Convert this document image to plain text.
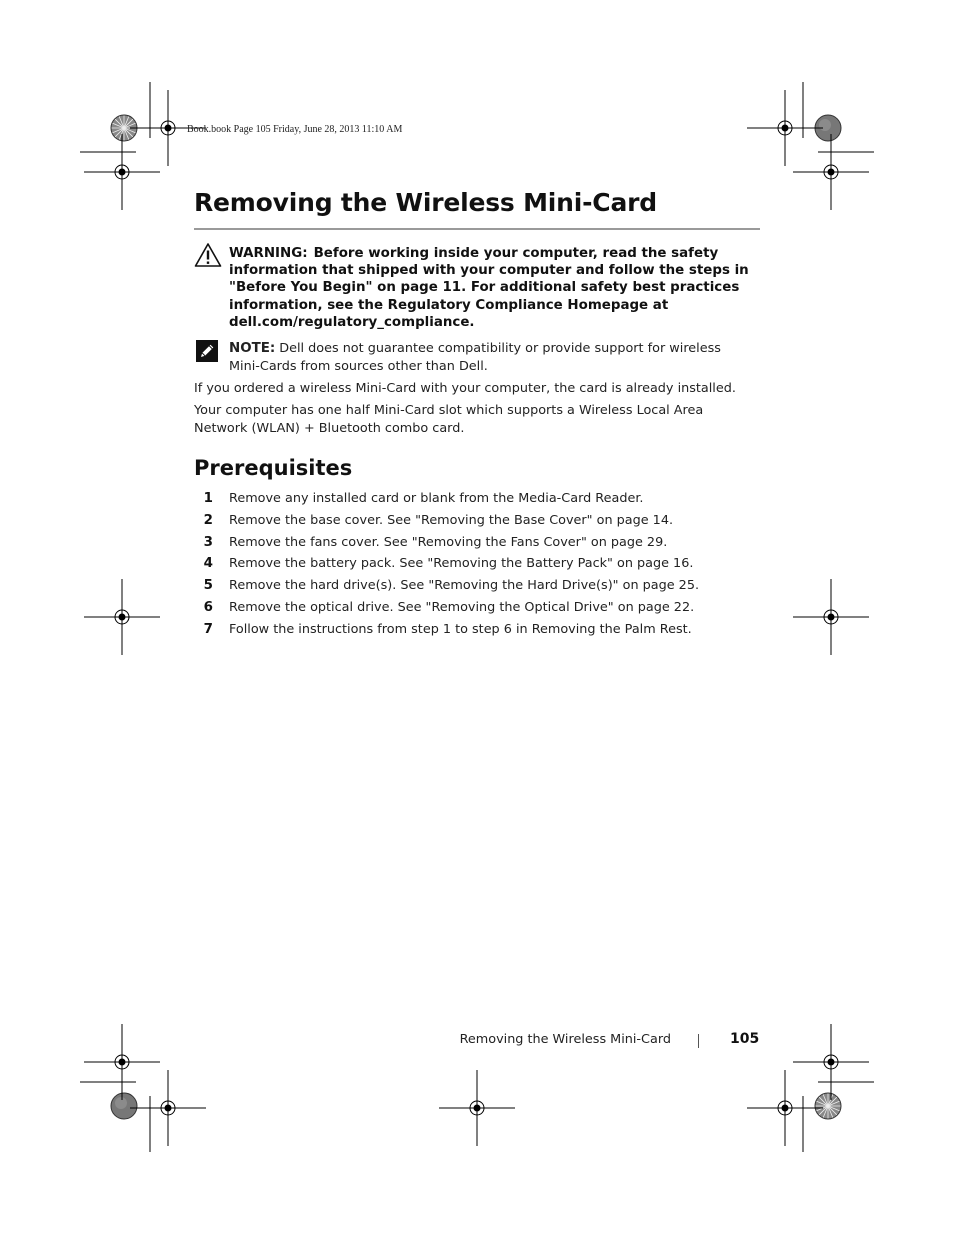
Book.book Page 105 Friday, June 28, 2013 11:10 AM
Removing the Wireless Mini-Card
WARNING: Before working inside your computer, read the safety information that shipped with your computer and follow the steps in "Before You Begin" on page 11. For additional safety best practices information, see the Regulatory Compliance Homepage at dell.com/regulatory_compliance.
NOTE: Dell does not guarantee compatibility or provide support for wireless Mini-Cards from sources other than Dell.

If you ordered a wireless Mini-Card with your computer, the card is already installed.

Your computer has one half Mini-Card slot which supports a Wireless Local Area Network (WLAN) + Bluetooth combo card.

Prerequisites
1 Remove any installed card or blank from the Media-Card Reader.
2 Remove the base cover. See "Removing the Base Cover" on page 14.
3 Remove the fans cover. See "Removing the Fans Cover" on page 29.
4 Remove the battery pack. See "Removing the Battery Pack" on page 16.
5 Remove the hard drive(s). See "Removing the Hard Drive(s)" on page 25.
6 Remove the optical drive. See "Removing the Optical Drive" on page 22.
7 Follow the instructions from step 1 to step 6 in Removing the Palm Rest.
Removing the Wireless Mini-Card	105
